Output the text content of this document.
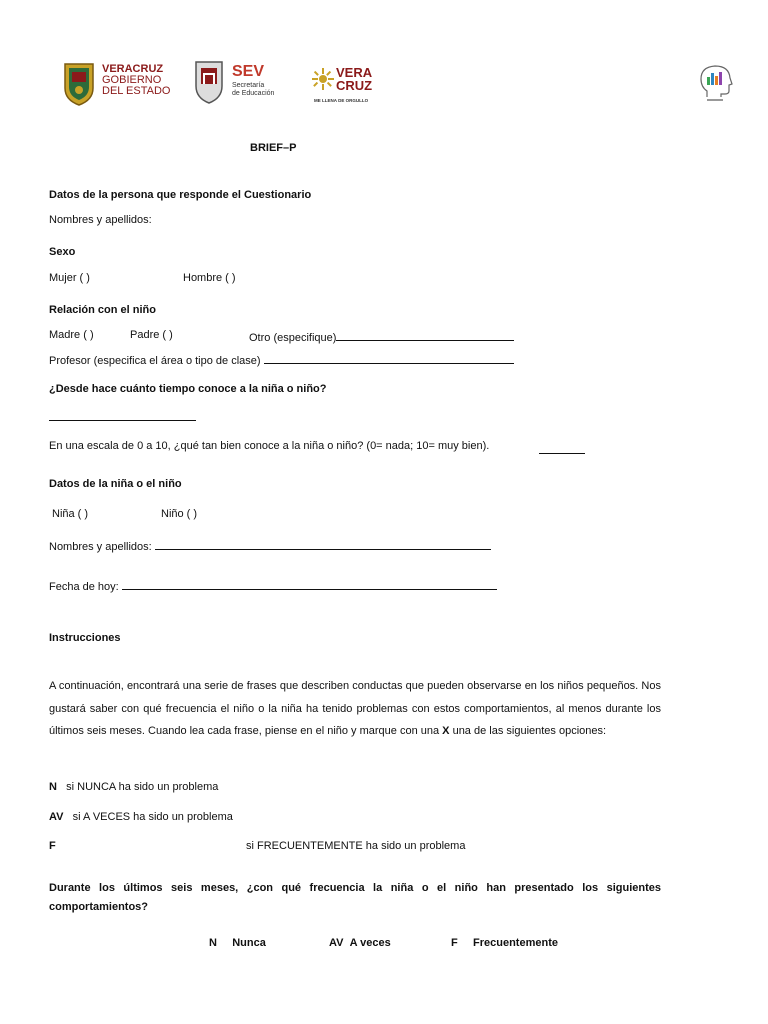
VERACRUZ
GOBIERNO
DEL ESTADO
SEV
Secretaría
de Educación
VERA
CRUZ
ME LLENA DE ORGULLO
BRIEF–P
Datos de la persona que responde el Cuestionario
Nombres y apellidos:
Sexo
Mujer ( )	Hombre ( )
Relación con el niño
Madre ( )	Padre ( )	Otro (especifique)
Profesor (especifica el área o tipo de clase)
¿Desde hace cuánto tiempo conoce a la niña o niño?
En una escala de 0 a 10, ¿qué tan bien conoce a la niña o niño? (0= nada; 10= muy bien).
Datos de la niña o el niño
Niña ( )	Niño ( )
Nombres y apellidos:
Fecha de hoy:
Instrucciones
A continuación, encontrará una serie de frases que describen conductas que pueden observarse en los niños pequeños. Nos gustará saber con qué frecuencia el niño o la niña ha tenido problemas con estos comportamientos, al menos durante los últimos seis meses. Cuando lea cada frase, piense en el niño y marque con una X una de las siguientes opciones:
N si NUNCA ha sido un problema
AV si A VECES ha sido un problema
F	si FRECUENTEMENTE ha sido un problema
Durante los últimos seis meses, ¿con qué frecuencia la niña o el niño han presentado los siguientes comportamientos?
N Nunca	AV A veces	F Frecuentemente
